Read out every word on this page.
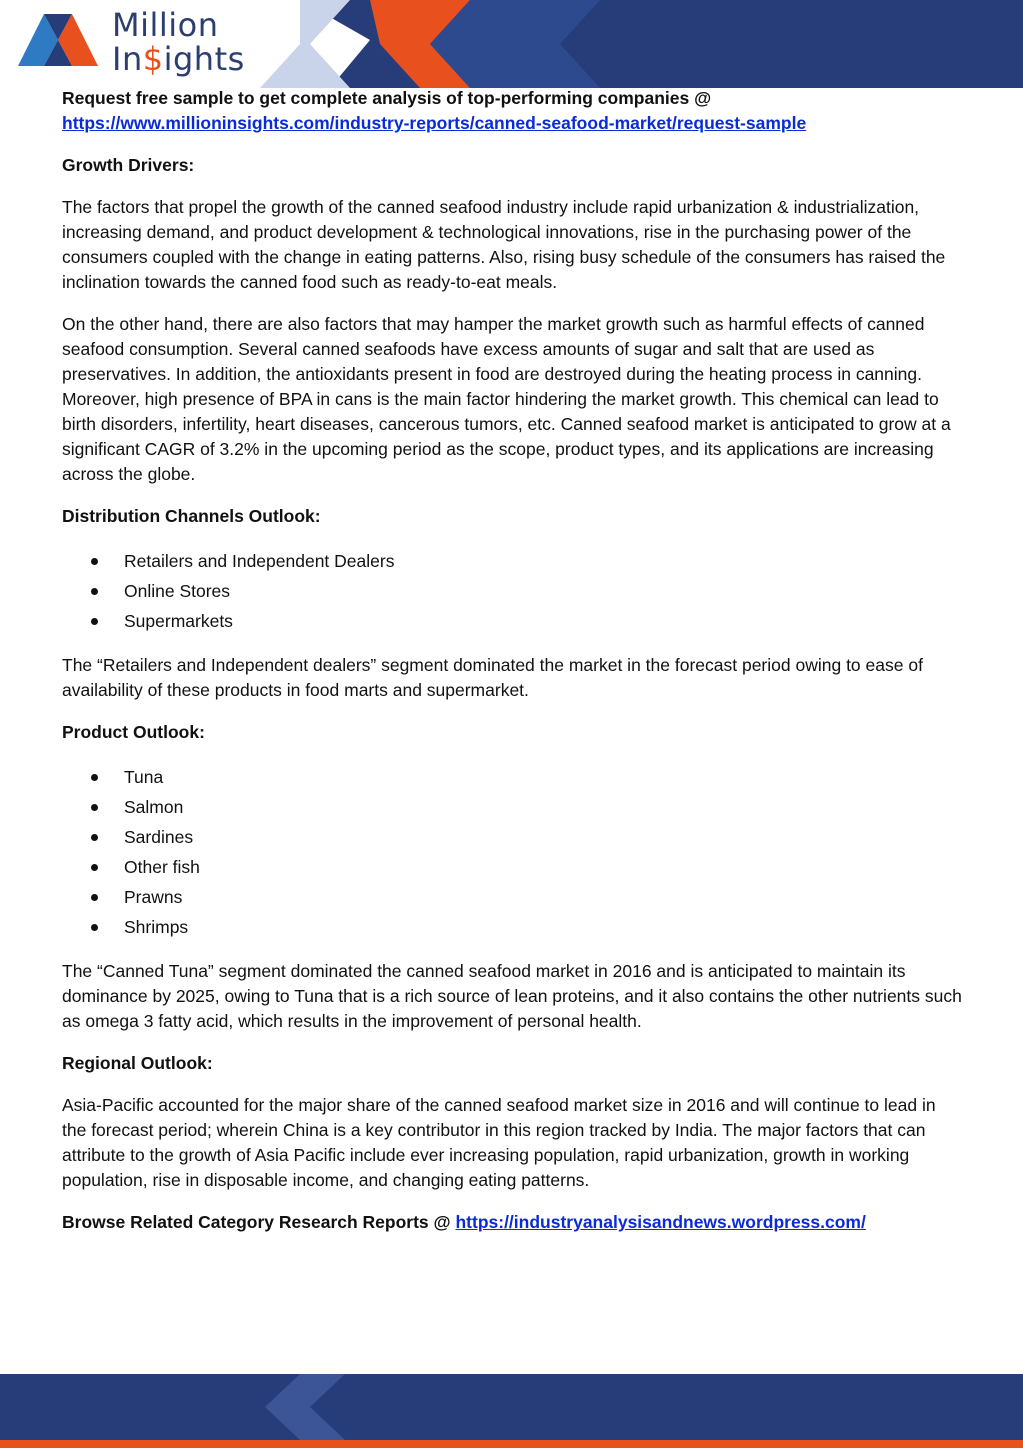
Million
In$ights
Request free sample to get complete analysis of top-performing companies @
https://www.millioninsights.com/industry-reports/canned-seafood-market/request-sample
Growth Drivers:

The factors that propel the growth of the canned seafood industry include rapid urbanization & industrialization, increasing demand, and product development & technological innovations, rise in the purchasing power of the consumers coupled with the change in eating patterns. Also, rising busy schedule of the consumers has raised the inclination towards the canned food such as ready-to-eat meals.

On the other hand, there are also factors that may hamper the market growth such as harmful effects of canned seafood consumption. Several canned seafoods have excess amounts of sugar and salt that are used as preservatives. In addition, the antioxidants present in food are destroyed during the heating process in canning. Moreover, high presence of BPA in cans is the main factor hindering the market growth. This chemical can lead to birth disorders, infertility, heart diseases, cancerous tumors, etc. Canned seafood market is anticipated to grow at a significant CAGR of 3.2% in the upcoming period as the scope, product types, and its applications are increasing across the globe.

Distribution Channels Outlook:
Retailers and Independent Dealers
Online Stores
Supermarkets

The “Retailers and Independent dealers” segment dominated the market in the forecast period owing to ease of availability of these products in food marts and supermarket.

Product Outlook:
Tuna
Salmon
Sardines
Other fish
Prawns
Shrimps

The “Canned Tuna” segment dominated the canned seafood market in 2016 and is anticipated to maintain its dominance by 2025, owing to Tuna that is a rich source of lean proteins, and it also contains the other nutrients such as omega 3 fatty acid, which results in the improvement of personal health.

Regional Outlook:

Asia-Pacific accounted for the major share of the canned seafood market size in 2016 and will continue to lead in the forecast period; wherein China is a key contributor in this region tracked by India. The major factors that can attribute to the growth of Asia Pacific include ever increasing population, rapid urbanization, growth in working population, rise in disposable income, and changing eating patterns.

Browse Related Category Research Reports @ https://industryanalysisandnews.wordpress.com/
